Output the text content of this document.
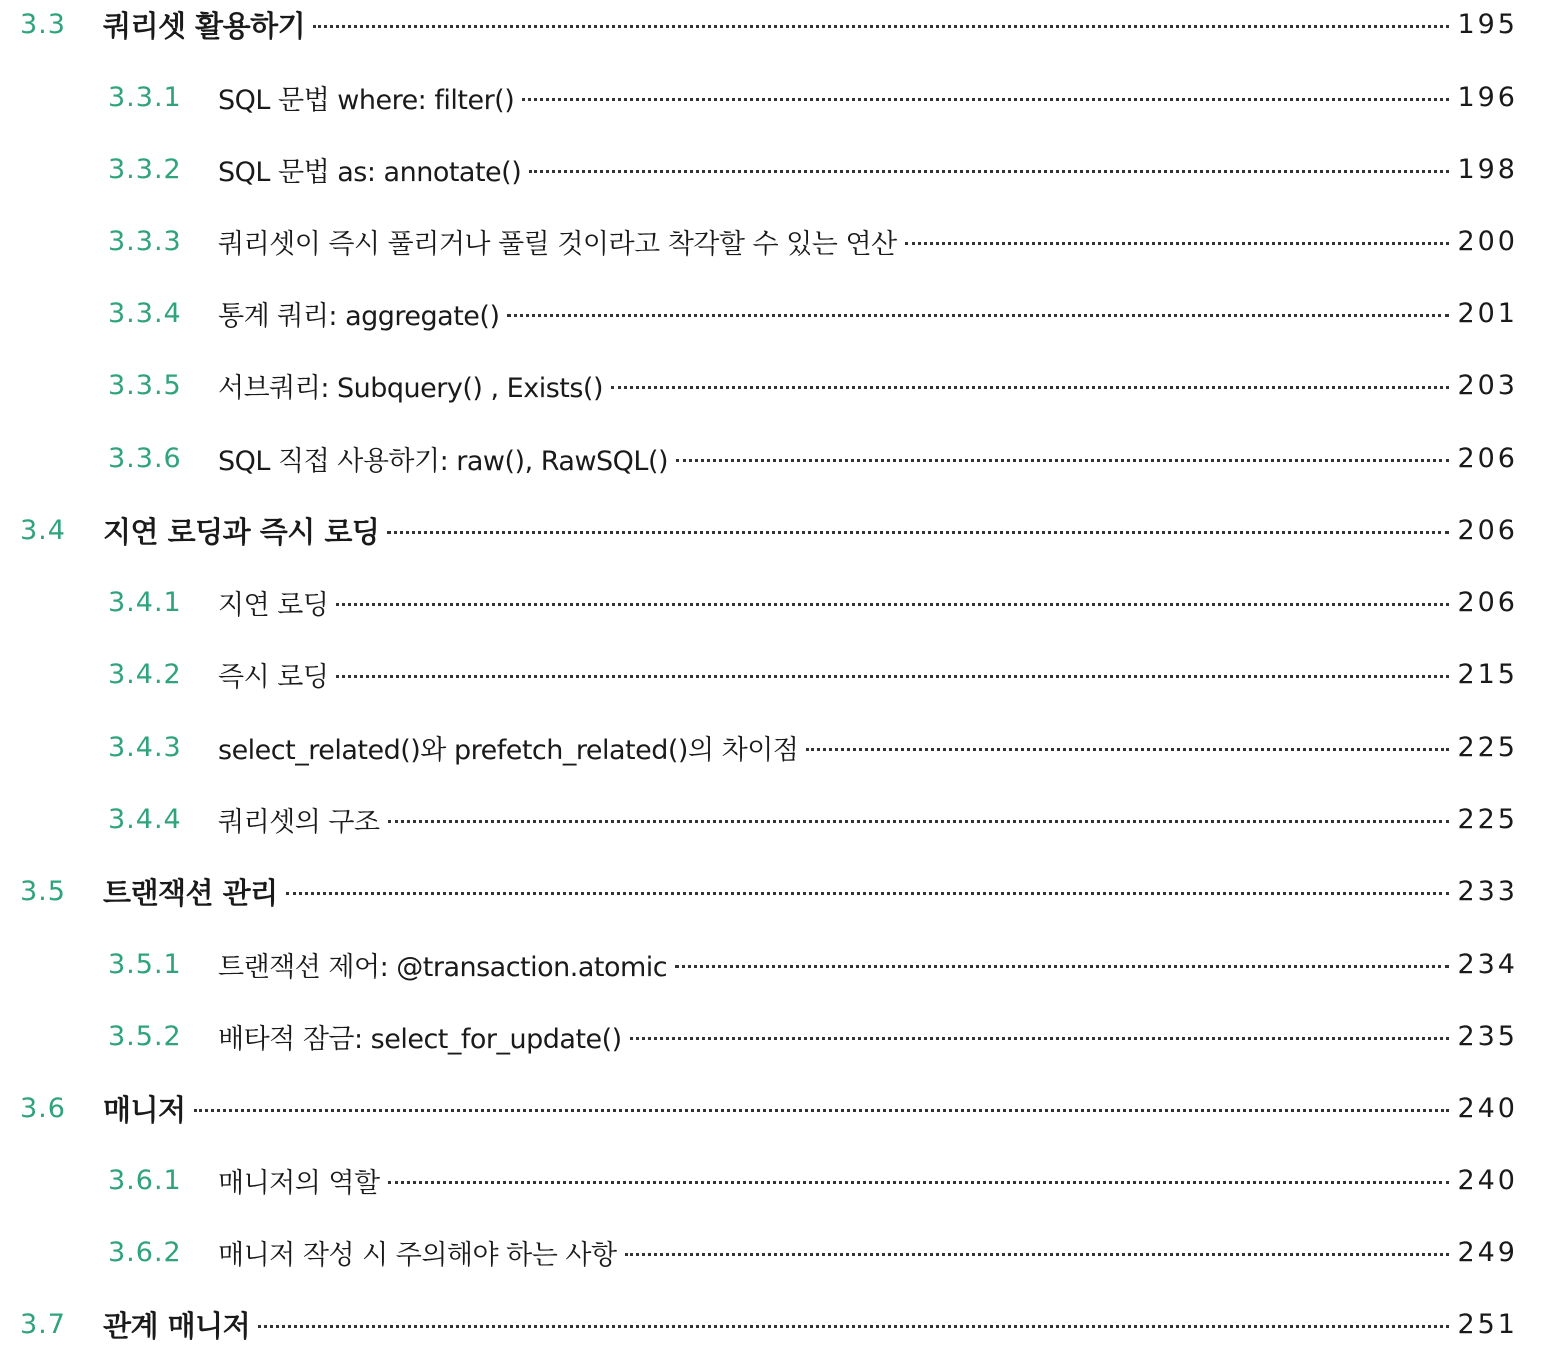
3.3 쿼리셋 활용하기	195
3.3.1 SQL 문법 where: filter()	196
3.3.2 SQL 문법 as: annotate()	198
3.3.3 쿼리셋이 즉시 풀리거나 풀릴 것이라고 착각할 수 있는 연산	200
3.3.4 통계 쿼리: aggregate()	201
3.3.5 서브쿼리: Subquery() , Exists()	203
3.3.6 SQL 직접 사용하기: raw(), RawSQL()	206
3.4 지연 로딩과 즉시 로딩	206
3.4.1 지연 로딩	206
3.4.2 즉시 로딩	215
3.4.3 select_related()와 prefetch_related()의 차이점	225
3.4.4 쿼리셋의 구조	225
3.5 트랜잭션 관리	233
3.5.1 트랜잭션 제어: @transaction.atomic	234
3.5.2 배타적 잠금: select_for_update()	235
3.6 매니저	240
3.6.1 매니저의 역할	240
3.6.2 매니저 작성 시 주의해야 하는 사항	249
3.7 관계 매니저	251
